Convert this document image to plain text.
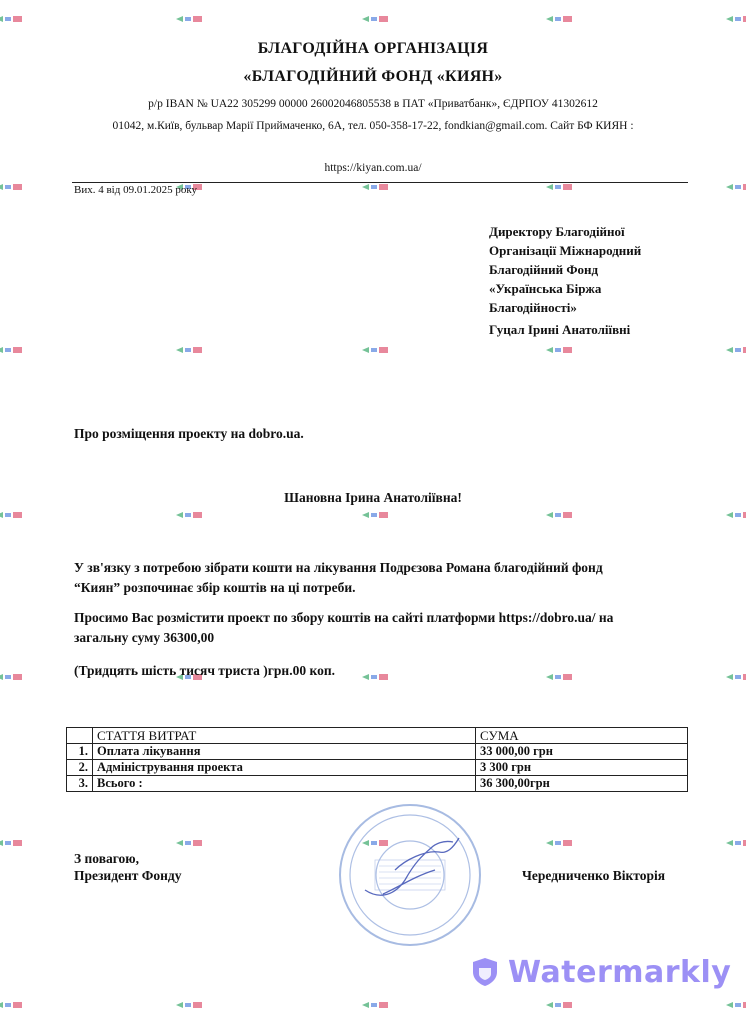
БЛАГОДІЙНА ОРГАНІЗАЦІЯ
«БЛАГОДІЙНИЙ ФОНД «КИЯН»
р/р IBAN № UA22 305299 00000 26002046805538 в ПАТ «Приватбанк», ЄДРПОУ 41302612
01042, м.Київ, бульвар Марії Приймаченко, 6А, тел. 050-358-17-22, fondkian@gmail.com. Сайт БФ КИЯН :
https://kiyan.com.ua/
Вих. 4 від 09.01.2025 року
Директору Благодійної
Організації Міжнародний
Благодійний Фонд
«Українська Біржа
Благодійності»
Гуцал Ірині Анатоліївні
Про розміщення проекту на dobro.ua.
Шановна Ірина Анатоліївна!
У зв'язку з потребою зібрати кошти на лікування Подрєзова Романа благодійний фонд
“Киян” розпочинає збір коштів на ці потреби.
Просимо Вас розмістити проект по збору коштів на сайті платформи https://dobro.ua/ на
загальну суму 36300,00
(Тридцять шість тисяч триста )грн.00 коп.
	СТАТТЯ ВИТРАТ	СУМА
1.	Оплата лікування	33 000,00 грн
2.	Адміністрування проекта	3 300 грн
3.	Всього :	36 300,00грн
З повагою,
Президент Фонду	Чередниченко Вікторія
Watermarkly
